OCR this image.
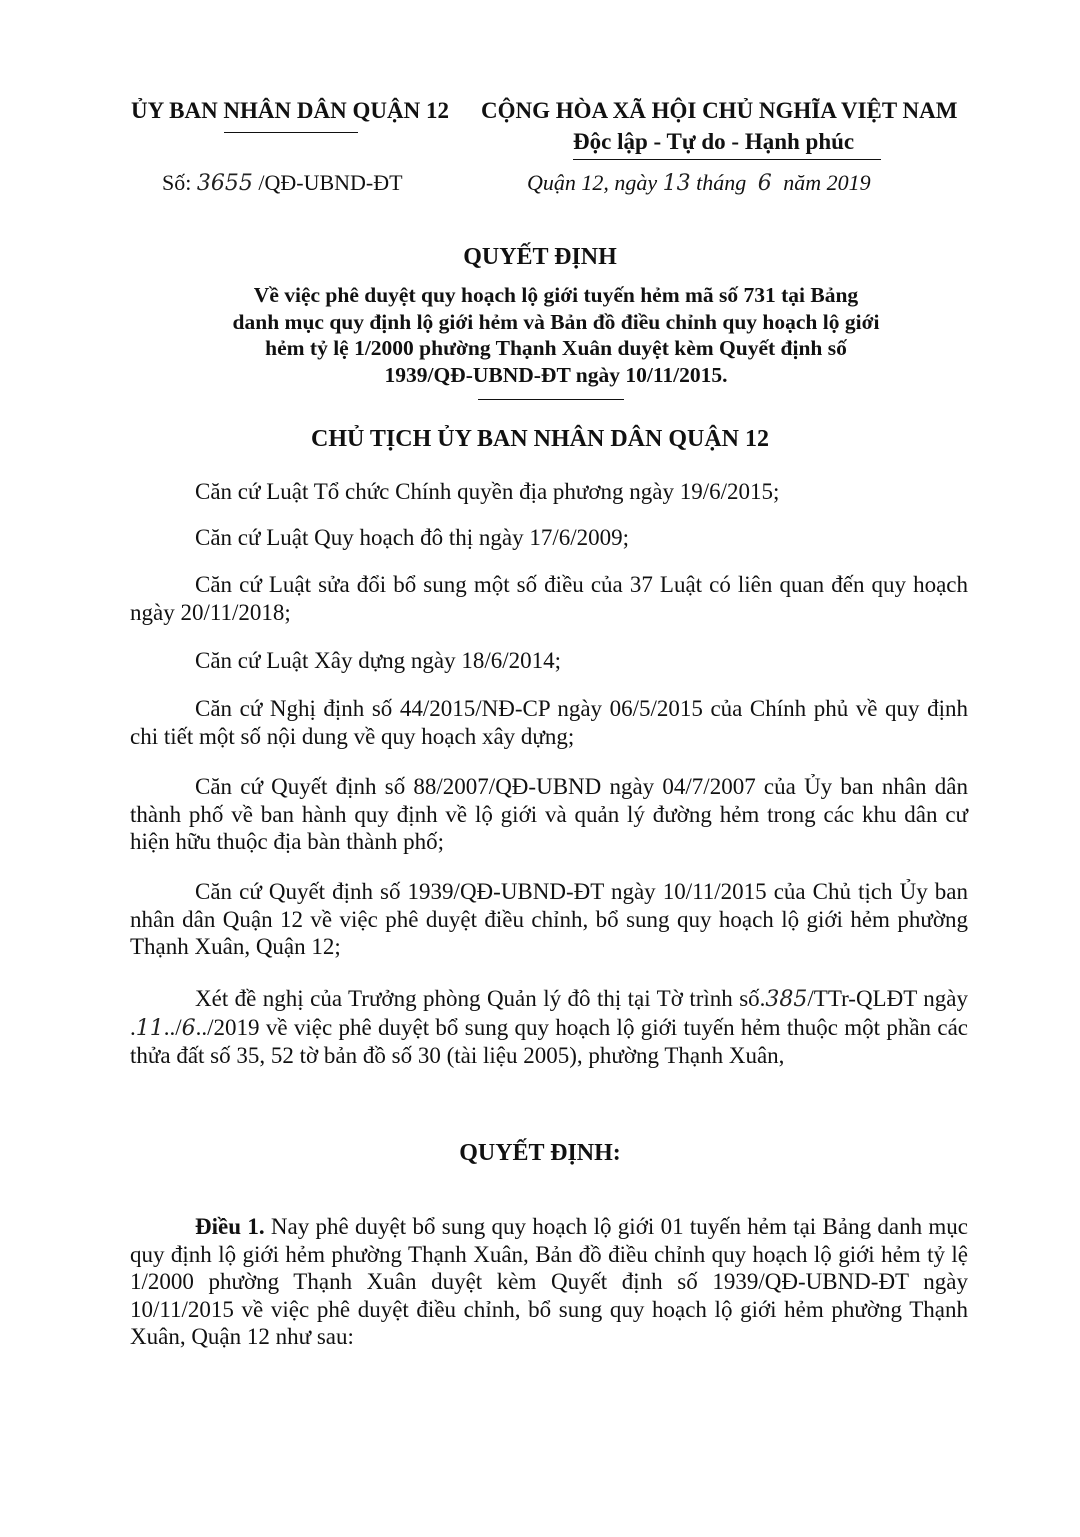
ỦY BAN NHÂN DÂN QUẬN 12 CỘNG HÒA XÃ HỘI CHỦ NGHĨA VIỆT NAM
Độc lập - Tự do - Hạnh phúc
Số: 3655 /QĐ-UBND-ĐT	Quận 12, ngày 13 tháng 6 năm 2019
QUYẾT ĐỊNH
Về việc phê duyệt quy hoạch lộ giới tuyến hẻm mã số 731 tại Bảng danh mục quy định lộ giới hẻm và Bản đồ điều chỉnh quy hoạch lộ giới hẻm tỷ lệ 1/2000 phường Thạnh Xuân duyệt kèm Quyết định số 1939/QĐ-UBND-ĐT ngày 10/11/2015.
CHỦ TỊCH ỦY BAN NHÂN DÂN QUẬN 12
Căn cứ Luật Tổ chức Chính quyền địa phương ngày 19/6/2015;
Căn cứ Luật Quy hoạch đô thị ngày 17/6/2009;
Căn cứ Luật sửa đổi bổ sung một số điều của 37 Luật có liên quan đến quy hoạch ngày 20/11/2018;
Căn cứ Luật Xây dựng ngày 18/6/2014;
Căn cứ Nghị định số 44/2015/NĐ-CP ngày 06/5/2015 của Chính phủ về quy định chi tiết một số nội dung về quy hoạch xây dựng;
Căn cứ Quyết định số 88/2007/QĐ-UBND ngày 04/7/2007 của Ủy ban nhân dân thành phố về ban hành quy định về lộ giới và quản lý đường hẻm trong các khu dân cư hiện hữu thuộc địa bàn thành phố;
Căn cứ Quyết định số 1939/QĐ-UBND-ĐT ngày 10/11/2015 của Chủ tịch Ủy ban nhân dân Quận 12 về việc phê duyệt điều chỉnh, bổ sung quy hoạch lộ giới hẻm phường Thạnh Xuân, Quận 12;
Xét đề nghị của Trưởng phòng Quản lý đô thị tại Tờ trình số.385/TTr-QLĐT ngày .11../6../2019 về việc phê duyệt bổ sung quy hoạch lộ giới tuyến hẻm thuộc một phần các thửa đất số 35, 52 tờ bản đồ số 30 (tài liệu 2005), phường Thạnh Xuân,
QUYẾT ĐỊNH:
Điều 1. Nay phê duyệt bổ sung quy hoạch lộ giới 01 tuyến hẻm tại Bảng danh mục quy định lộ giới hẻm phường Thạnh Xuân, Bản đồ điều chỉnh quy hoạch lộ giới hẻm tỷ lệ 1/2000 phường Thạnh Xuân duyệt kèm Quyết định số 1939/QĐ-UBND-ĐT ngày 10/11/2015 về việc phê duyệt điều chỉnh, bổ sung quy hoạch lộ giới hẻm phường Thạnh Xuân, Quận 12 như sau:
